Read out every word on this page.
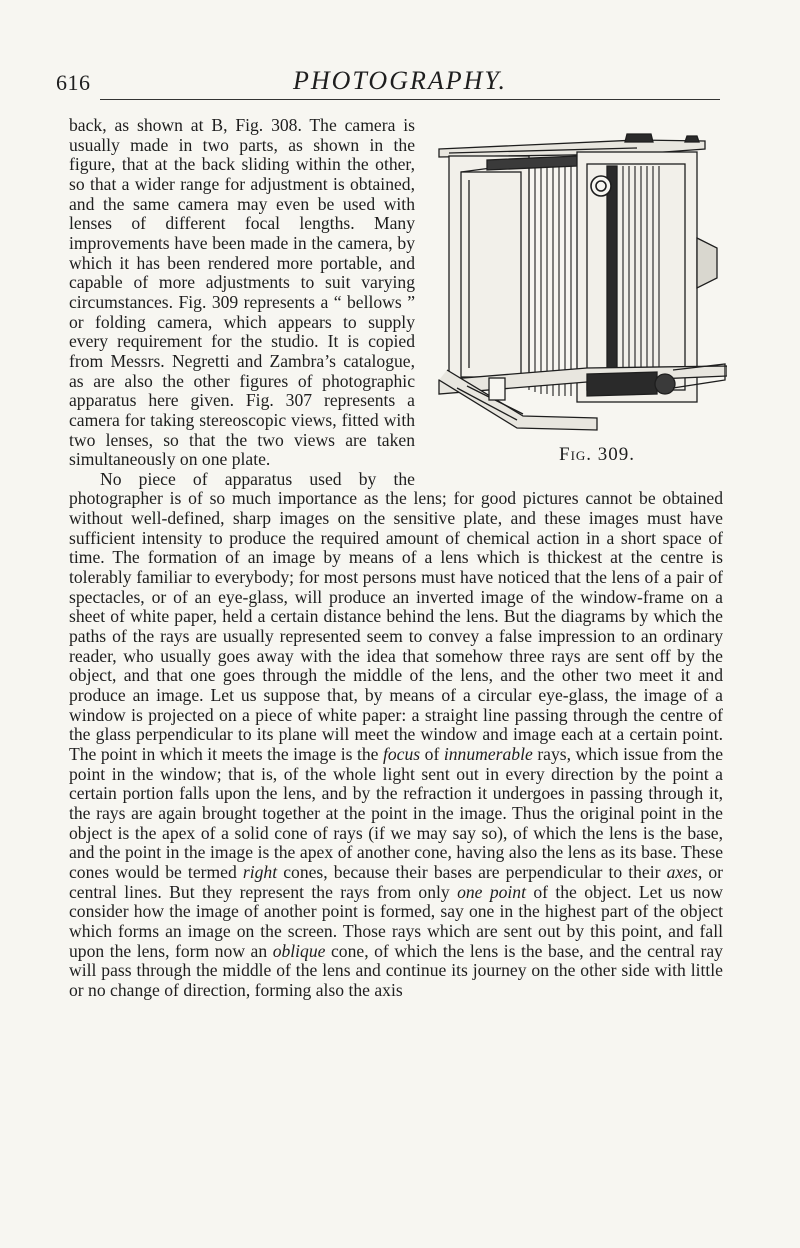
616	PHOTOGRAPHY.
Fig. 309.

back, as shown at B, Fig. 308. The camera is usually made in two parts, as shown in the figure, that at the back sliding within the other, so that a wider range for adjustment is obtained, and the same camera may even be used with lenses of different focal lengths. Many improvements have been made in the camera, by which it has been rendered more portable, and capable of more adjustments to suit varying circumstances. Fig. 309 represents a “ bellows ” or folding camera, which appears to supply every requirement for the studio. It is copied from Messrs. Negretti and Zambra’s catalogue, as are also the other figures of photographic apparatus here given. Fig. 307 represents a camera for taking stereoscopic views, fitted with two lenses, so that the two views are taken simultaneously on one plate.

No piece of apparatus used by the photographer is of so much importance as the lens; for good pictures cannot be obtained without well-defined, sharp images on the sensitive plate, and these images must have sufficient intensity to produce the required amount of chemical action in a short space of time. The formation of an image by means of a lens which is thickest at the centre is tolerably familiar to everybody; for most persons must have noticed that the lens of a pair of spectacles, or of an eye-glass, will produce an inverted image of the window-frame on a sheet of white paper, held a certain distance behind the lens. But the diagrams by which the paths of the rays are usually represented seem to convey a false impression to an ordinary reader, who usually goes away with the idea that somehow three rays are sent off by the object, and that one goes through the middle of the lens, and the other two meet it and produce an image. Let us suppose that, by means of a circular eye-glass, the image of a window is projected on a piece of white paper: a straight line passing through the centre of the glass perpendicular to its plane will meet the window and image each at a certain point. The point in which it meets the image is the focus of innumerable rays, which issue from the point in the window; that is, of the whole light sent out in every direction by the point a certain portion falls upon the lens, and by the refraction it undergoes in passing through it, the rays are again brought together at the point in the image. Thus the original point in the object is the apex of a solid cone of rays (if we may say so), of which the lens is the base, and the point in the image is the apex of another cone, having also the lens as its base. These cones would be termed right cones, because their bases are perpendicular to their axes, or central lines. But they represent the rays from only one point of the object. Let us now consider how the image of another point is formed, say one in the highest part of the object which forms an image on the screen. Those rays which are sent out by this point, and fall upon the lens, form now an oblique cone, of which the lens is the base, and the central ray will pass through the middle of the lens and continue its journey on the other side with little or no change of direction, forming also the axis
